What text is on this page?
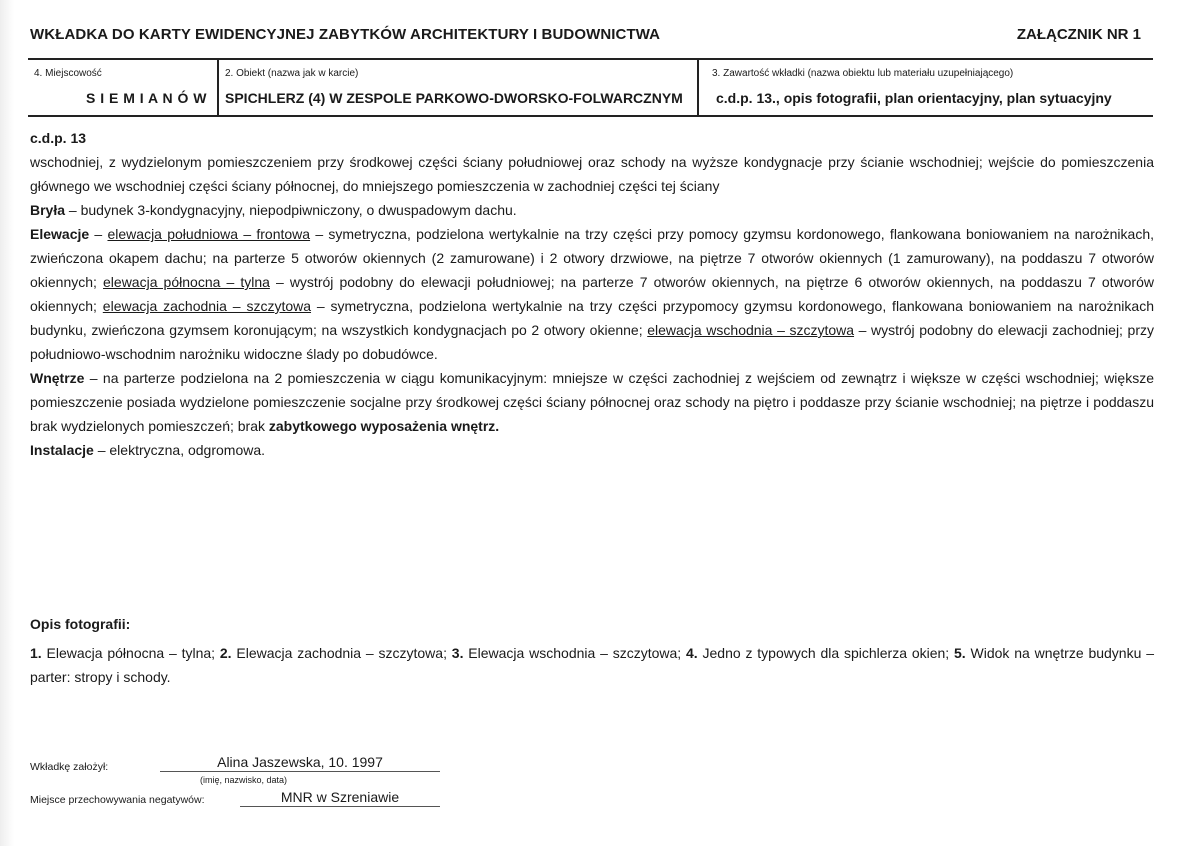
WKŁADKA DO KARTY EWIDENCYJNEJ ZABYTKÓW ARCHITEKTURY I BUDOWNICTWA	ZAŁĄCZNIK NR 1
4. Miejscowość
S I E M I A N Ó W
2. Obiekt (nazwa jak w karcie)
SPICHLERZ (4) W ZESPOLE PARKOWO-DWORSKO-FOLWARCZNYM
3. Zawartość wkładki (nazwa obiektu lub materiału uzupełniającego)
c.d.p. 13., opis fotografii, plan orientacyjny, plan sytuacyjny

c.d.p. 13

wschodniej, z wydzielonym pomieszczeniem przy środkowej części ściany południowej oraz schody na wyższe kondygnacje przy ścianie wschodniej; wejście do pomieszczenia głównego we wschodniej części ściany północnej, do mniejszego pomieszczenia w zachodniej części tej ściany

Bryła – budynek 3-kondygnacyjny, niepodpiwniczony, o dwuspadowym dachu.

Elewacje – elewacja południowa – frontowa – symetryczna, podzielona wertykalnie na trzy części przy pomocy gzymsu kordonowego, flankowana boniowaniem na narożnikach, zwieńczona okapem dachu; na parterze 5 otworów okiennych (2 zamurowane) i 2 otwory drzwiowe, na piętrze 7 otworów okiennych (1 zamurowany), na poddaszu 7 otworów okiennych; elewacja północna – tylna – wystrój podobny do elewacji południowej; na parterze 7 otworów okiennych, na piętrze 6 otworów okiennych, na poddaszu 7 otworów okiennych; elewacja zachodnia – szczytowa – symetryczna, podzielona wertykalnie na trzy części przypomocy gzymsu kordonowego, flankowana boniowaniem na narożnikach budynku, zwieńczona gzymsem koronującym; na wszystkich kondygnacjach po 2 otwory okienne; elewacja wschodnia – szczytowa – wystrój podobny do elewacji zachodniej; przy południowo-wschodnim narożniku widoczne ślady po dobudówce.

Wnętrze – na parterze podzielona na 2 pomieszczenia w ciągu komunikacyjnym: mniejsze w części zachodniej z wejściem od zewnątrz i większe w części wschodniej; większe pomieszczenie posiada wydzielone pomieszczenie socjalne przy środkowej części ściany północnej oraz schody na piętro i poddasze przy ścianie wschodniej; na piętrze i poddaszu brak wydzielonych pomieszczeń; brak zabytkowego wyposażenia wnętrz.

Instalacje – elektryczna, odgromowa.

Opis fotografii:

1. Elewacja północna – tylna; 2. Elewacja zachodnia – szczytowa; 3. Elewacja wschodnia – szczytowa; 4. Jedno z typowych dla spichlerza okien; 5. Widok na wnętrze budynku – parter: stropy i schody.

Wkładkę założył:	Alina Jaszewska, 10. 1997
(imię, nazwisko, data)
Miejsce przechowywania negatywów:	MNR w Szreniawie
